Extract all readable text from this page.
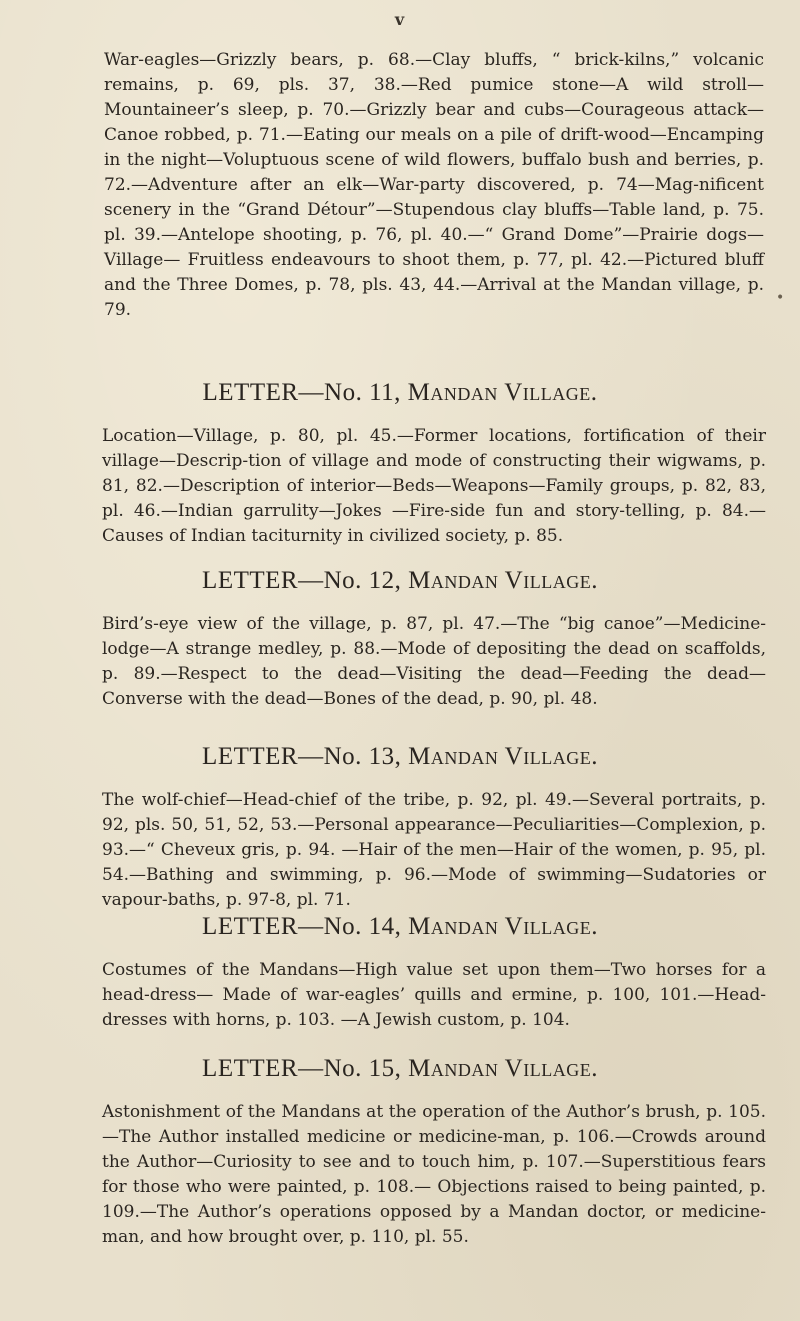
v

War-eagles—Grizzly bears, p. 68.—Clay bluffs, “ brick-kilns,” volcanic remains, p. 69, pls. 37, 38.—Red pumice stone—A wild stroll—Mountaineer’s sleep, p. 70.—Grizzly bear and cubs—Courageous attack—Canoe robbed, p. 71.—Eating our meals on a pile of drift-wood—Encamping in the night—Voluptuous scene of wild flowers, buffalo bush and berries, p. 72.—Adventure after an elk—War-party discovered, p. 74—Mag-nificent scenery in the “Grand Détour”—Stupendous clay bluffs—Table land, p. 75. pl. 39.—Antelope shooting, p. 76, pl. 40.—“ Grand Dome”—Prairie dogs—Village— Fruitless endeavours to shoot them, p. 77, pl. 42.—Pictured bluff and the Three Domes, p. 78, pls. 43, 44.—Arrival at the Mandan village, p. 79.

LETTER—No. 11, Mandan Village.

Location—Village, p. 80, pl. 45.—Former locations, fortification of their village—Descrip-tion of village and mode of constructing their wigwams, p. 81, 82.—Description of interior—Beds—Weapons—Family groups, p. 82, 83, pl. 46.—Indian garrulity—Jokes —Fire-side fun and story-telling, p. 84.—Causes of Indian taciturnity in civilized society, p. 85.

LETTER—No. 12, Mandan Village.

Bird’s-eye view of the village, p. 87, pl. 47.—The “big canoe”—Medicine-lodge—A strange medley, p. 88.—Mode of depositing the dead on scaffolds, p. 89.—Respect to the dead—Visiting the dead—Feeding the dead—Converse with the dead—Bones of the dead, p. 90, pl. 48.

LETTER—No. 13, Mandan Village.

The wolf-chief—Head-chief of the tribe, p. 92, pl. 49.—Several portraits, p. 92, pls. 50, 51, 52, 53.—Personal appearance—Peculiarities—Complexion, p. 93.—“ Cheveux gris, p. 94. —Hair of the men—Hair of the women, p. 95, pl. 54.—Bathing and swimming, p. 96.—Mode of swimming—Sudatories or vapour-baths, p. 97-8, pl. 71.

LETTER—No. 14, Mandan Village.

Costumes of the Mandans—High value set upon them—Two horses for a head-dress— Made of war-eagles’ quills and ermine, p. 100, 101.—Head-dresses with horns, p. 103. —A Jewish custom, p. 104.

LETTER—No. 15, Mandan Village.

Astonishment of the Mandans at the operation of the Author’s brush, p. 105.—The Author installed medicine or medicine-man, p. 106.—Crowds around the Author—Curiosity to see and to touch him, p. 107.—Superstitious fears for those who were painted, p. 108.— Objections raised to being painted, p. 109.—The Author’s operations opposed by a Mandan doctor, or medicine-man, and how brought over, p. 110, pl. 55.

•
